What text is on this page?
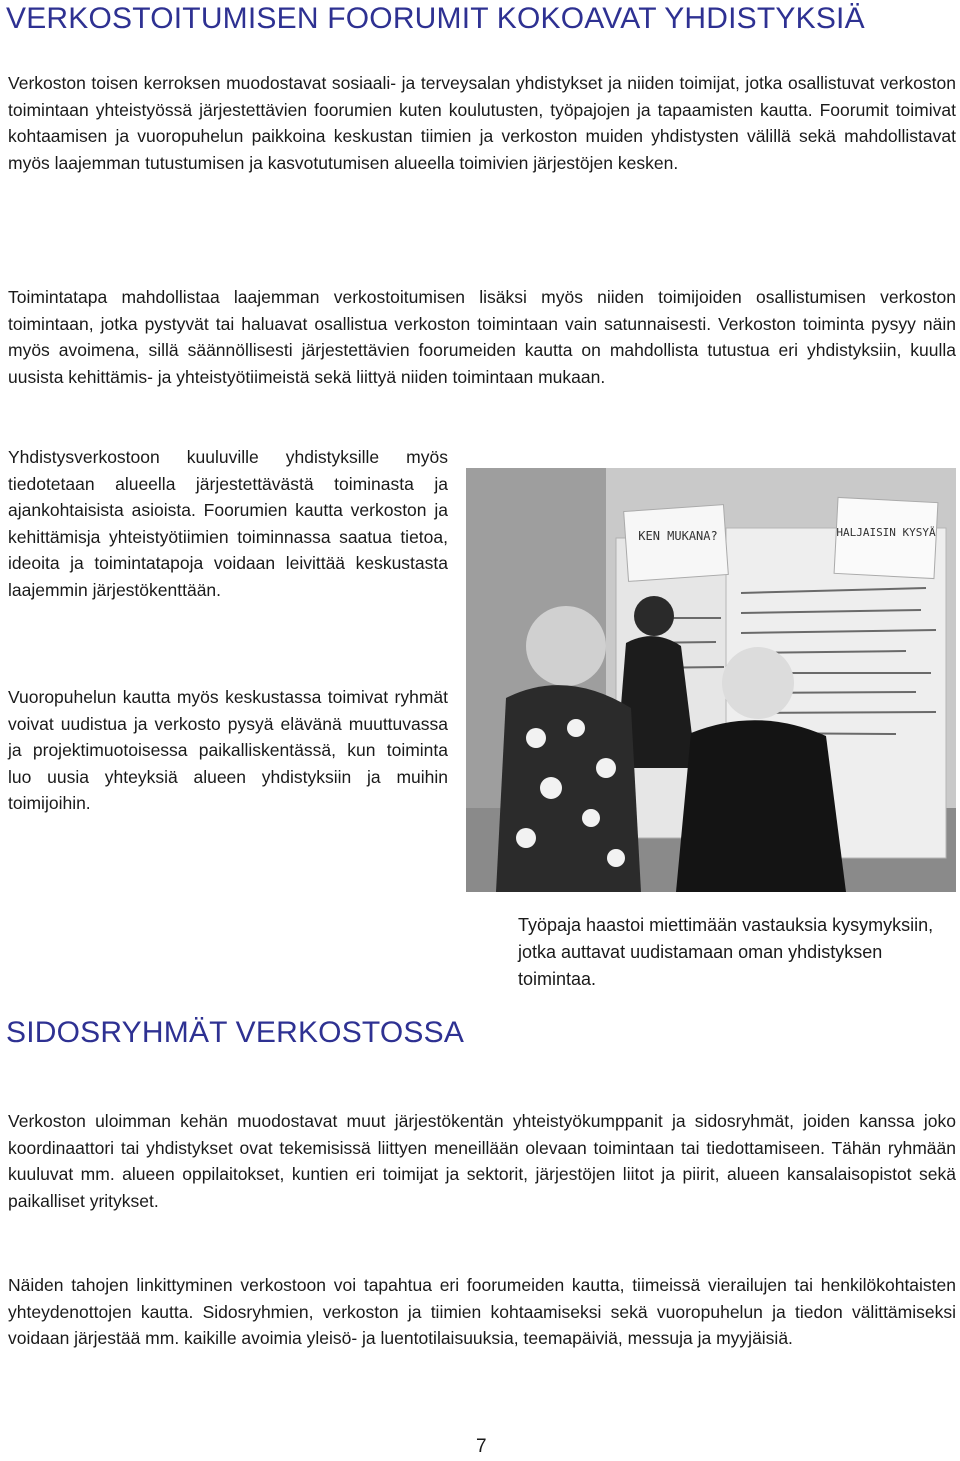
VERKOSTOITUMISEN FOORUMIT KOKOAVAT YHDISTYKSIÄ

Verkoston toisen kerroksen muodostavat sosiaali- ja terveysalan yhdistykset ja niiden toimijat, jotka osallistuvat verkoston toimintaan yhteistyössä järjestettävien foorumien kuten koulutusten, työpajojen ja tapaamisten kautta. Foorumit toimivat kohtaamisen ja vuoropuhelun paikkoina keskustan tiimien ja verkoston muiden yhdistysten välillä sekä mahdollistavat myös laajemman tutustumisen ja kasvotutumisen alueella toimivien järjestöjen kesken.

Toimintatapa mahdollistaa laajemman verkostoitumisen lisäksi myös niiden toimijoiden osallistumisen verkoston toimintaan, jotka pystyvät tai haluavat osallistua verkoston toimintaan vain satunnaisesti. Verkoston toiminta pysyy näin myös avoimena, sillä säännöllisesti järjestettävien foorumeiden kautta on mahdollista tutustua eri yhdistyksiin, kuulla uusista kehittämis- ja yhteistyötiimeistä sekä liittyä niiden toimintaan mukaan.

Yhdistysverkostoon kuuluville yhdistyksille myös tiedotetaan alueella järjestettävästä toiminasta ja ajankohtaisista asioista. Foorumien kautta verkoston ja kehittämisja yhteistyötiimien toiminnassa saatua tietoa, ideoita ja toimintatapoja voidaan leivittää keskustasta laajemmin järjestökenttään.

Vuoropuhelun kautta myös keskustassa toimivat ryhmät voivat uudistua ja verkosto pysyä elävänä muuttuvassa ja projektimuotoisessa paikalliskentässä, kun toiminta luo uusia yhteyksiä alueen yhdistyksiin ja muihin toimijoihin.

KEN MUKANA?	HALJAISIN KYSYÄ

Työpaja haastoi miettimään vastauksia kysymyksiin, jotka auttavat uudistamaan oman yhdistyksen toimintaa.

SIDOSRYHMÄT VERKOSTOSSA

Verkoston uloimman kehän muodostavat muut järjestökentän yhteistyökumppanit ja sidosryhmät, joiden kanssa joko koordinaattori tai yhdistykset ovat tekemisissä liittyen meneillään olevaan toimintaan tai tiedottamiseen. Tähän ryhmään kuuluvat mm. alueen oppilaitokset, kuntien eri toimijat ja sektorit, järjestöjen liitot ja piirit, alueen kansalaisopistot sekä paikalliset yritykset.

Näiden tahojen linkittyminen verkostoon voi tapahtua eri foorumeiden kautta, tiimeissä vierailujen tai henkilökohtaisten yhteydenottojen kautta. Sidosryhmien, verkoston ja tiimien kohtaamiseksi sekä vuoropuhelun ja tiedon välittämiseksi voidaan järjestää mm. kaikille avoimia yleisö- ja luentotilaisuuksia, teemapäiviä, messuja ja myyjäisiä.

7
